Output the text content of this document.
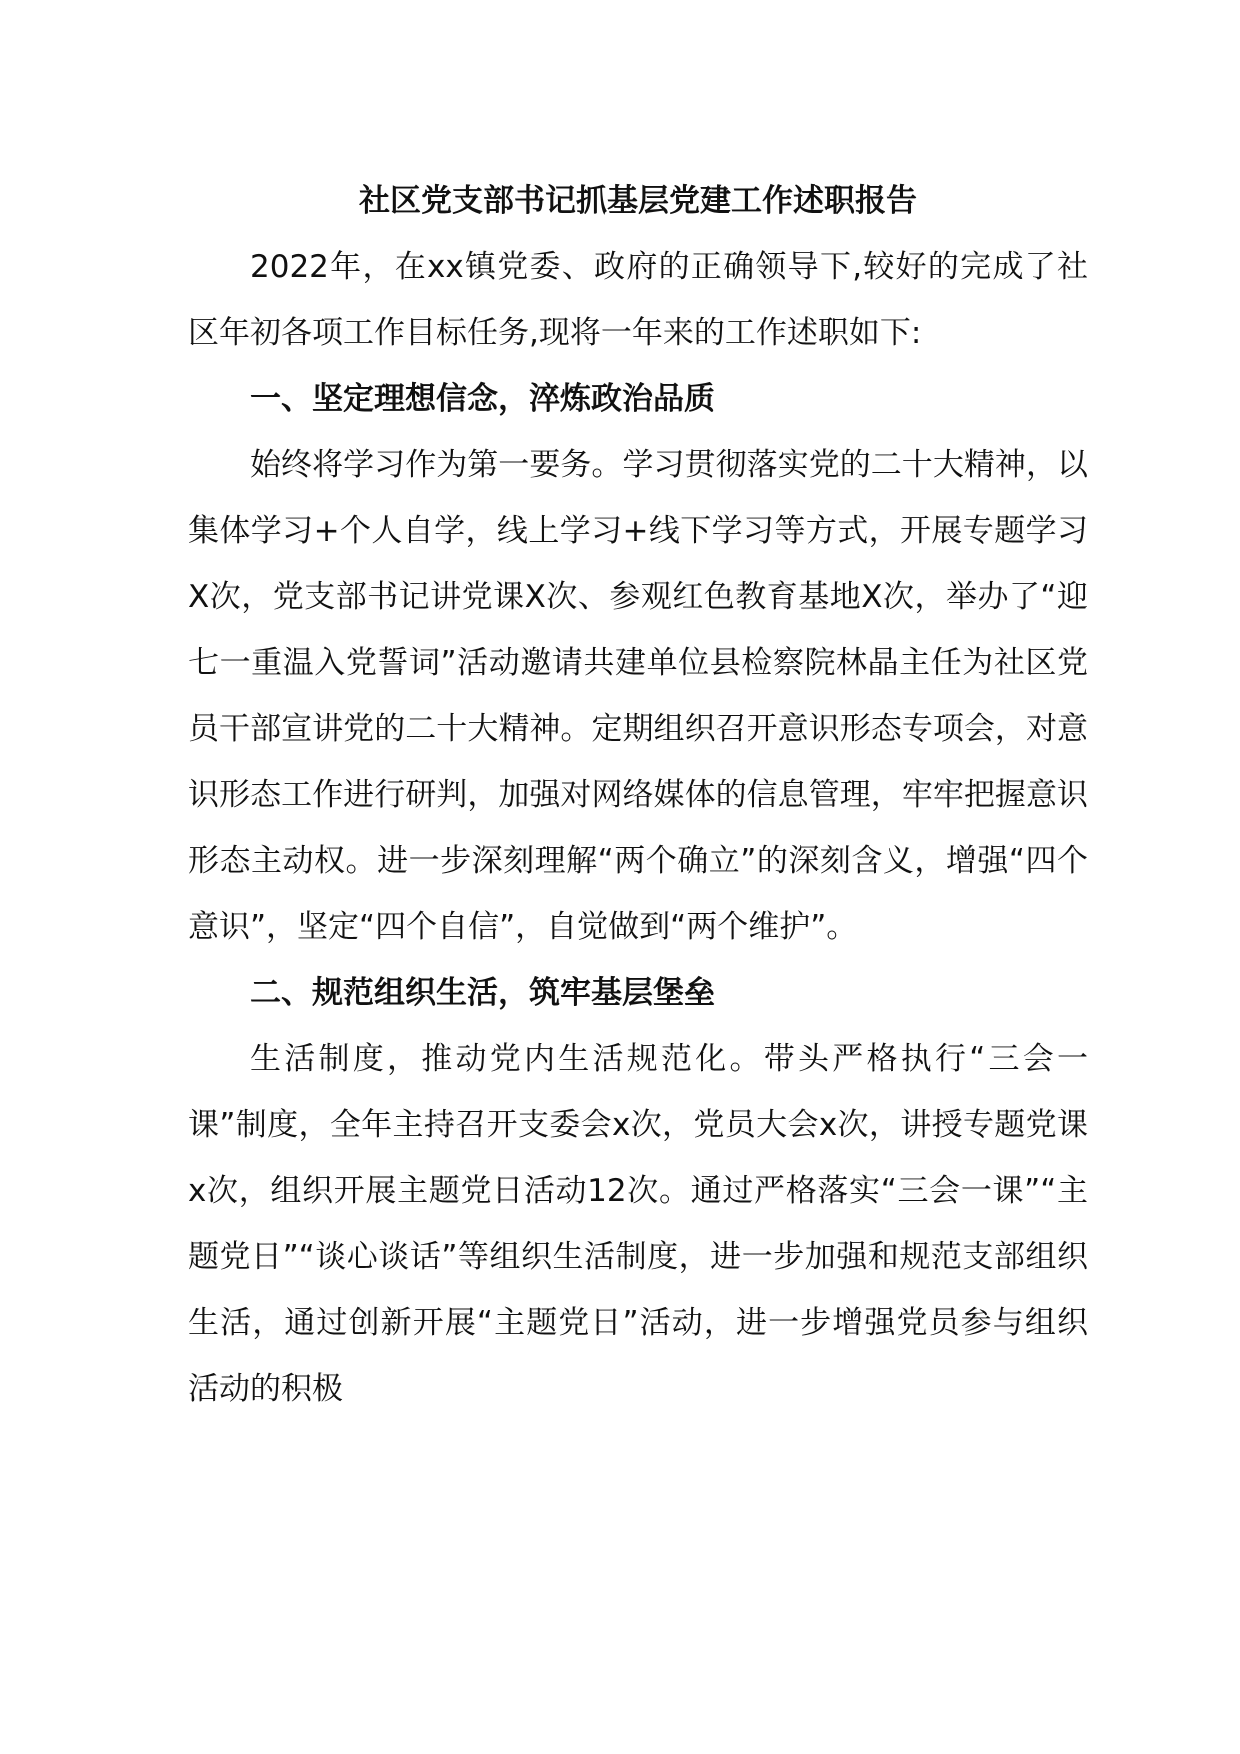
社区党支部书记抓基层党建工作述职报告

2022年，在xx镇党委、政府的正确领导下,较好的完成了社区年初各项工作目标任务,现将一年来的工作述职如下:

一、坚定理想信念，淬炼政治品质

始终将学习作为第一要务。学习贯彻落实党的二十大精神，以集体学习+个人自学，线上学习+线下学习等方式，开展专题学习X次，党支部书记讲党课X次、参观红色教育基地X次，举办了“迎七一重温入党誓词”活动邀请共建单位县检察院林晶主任为社区党员干部宣讲党的二十大精神。定期组织召开意识形态专项会，对意识形态工作进行研判，加强对网络媒体的信息管理，牢牢把握意识形态主动权。进一步深刻理解“两个确立”的深刻含义，增强“四个意识”，坚定“四个自信”，自觉做到“两个维护”。

二、规范组织生活，筑牢基层堡垒

生活制度，推动党内生活规范化。带头严格执行“三会一课”制度，全年主持召开支委会x次，党员大会x次，讲授专题党课x次，组织开展主题党日活动12次。通过严格落实“三会一课”“主题党日”“谈心谈话”等组织生活制度，进一步加强和规范支部组织生活，通过创新开展“主题党日”活动，进一步增强党员参与组织活动的积极
